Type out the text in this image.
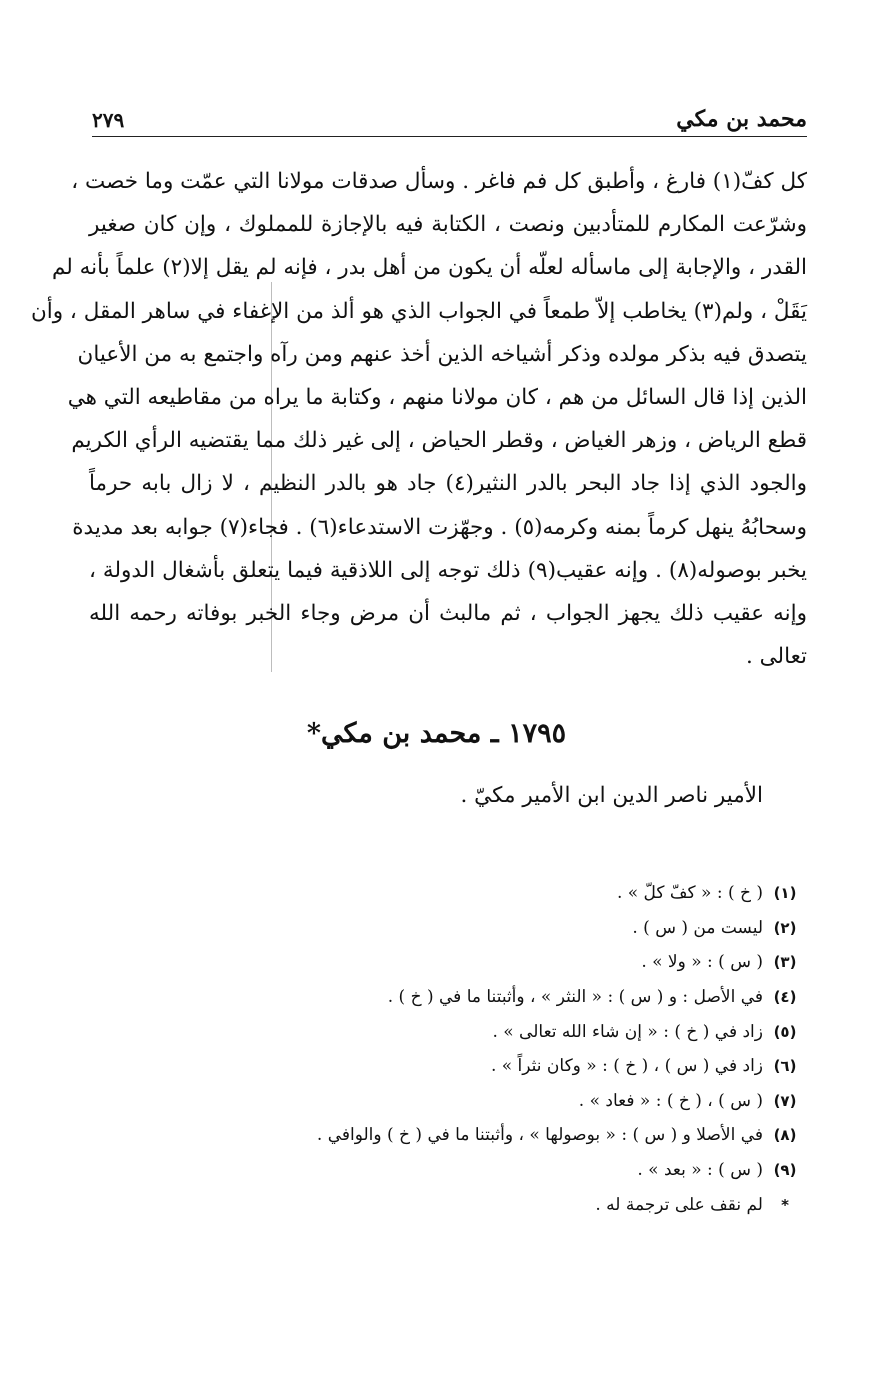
محمد بن مكي
٢٧٩
كل كفّ(١) فارغ ، وأطبق كل فم فاغر . وسأل صدقات مولانا التي عمّت وما خصت ،
وشرّعت المكارم للمتأدبين ونصت ، الكتابة فيه بالإجازة للمملوك ، وإن كان صغير
القدر ، والإجابة إلى ماسأله لعلّه أن يكون من أهل بدر ، فإنه لم يقل إلا(٢) علماً بأنه لم
يَقَلْ ، ولم(٣) يخاطب إلاّ طمعاً في الجواب الذي هو ألذ من الإغفاء في ساهر المقل ، وأن
يتصدق فيه بذكر مولده وذكر أشياخه الذين أخذ عنهم ومن رآه واجتمع به من الأعيان
الذين إذا قال السائل من هم ، كان مولانا منهم ، وكتابة ما يراه من مقاطيعه التي هي
قطع الرياض ، وزهر الغياض ، وقطر الحياض ، إلى غير ذلك مما يقتضيه الرأي الكريم
والجود الذي إذا جاد البحر بالدر النثير(٤) جاد هو بالدر النظيم ، لا زال بابه حرماً
وسحابُهُ ينهل كرماً بمنه وكرمه(٥) . وجهّزت الاستدعاء(٦) . فجاء(٧) جوابه بعد مديدة
يخبر بوصوله(٨) . وإنه عقيب(٩) ذلك توجه إلى اللاذقية فيما يتعلق بأشغال الدولة ،
وإنه عقيب ذلك يجهز الجواب ، ثم مالبث أن مرض وجاء الخبر بوفاته رحمه الله
تعالى .
١٧٩٥ ـ محمد بن مكي*

الأمير ناصر الدين ابن الأمير مكيّ .

(١)
( خ ) : « كفّ كلّ » .
(٢)
ليست من ( س ) .
(٣)
( س ) : « ولا » .
(٤)
في الأصل : و ( س ) : « النثر » ، وأثبتنا ما في ( خ ) .
(٥)
زاد في ( خ ) : « إن شاء الله تعالى » .
(٦)
زاد في ( س ) ، ( خ ) : « وكان نثراً » .
(٧)
( س ) ، ( خ ) : « فعاد » .
(٨)
في الأصلا و ( س ) : « بوصولها » ، وأثبتنا ما في ( خ ) والوافي .
(٩)
( س ) : « بعد » .
*
لم نقف على ترجمة له .
